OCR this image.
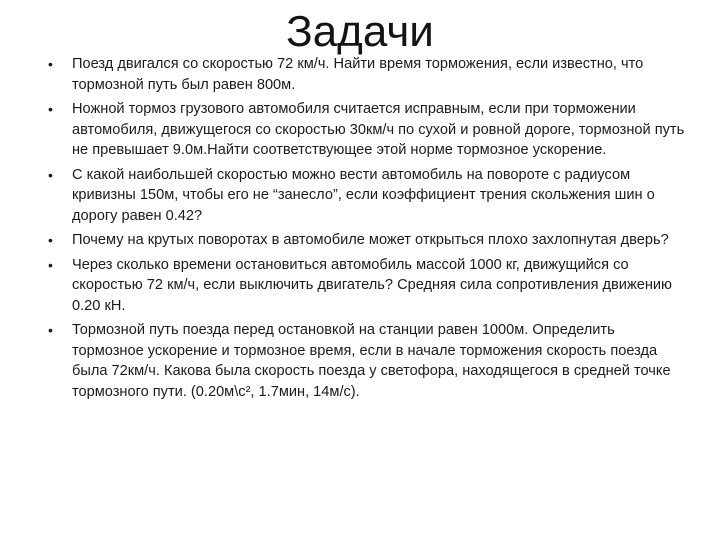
Задачи
•	Поезд двигался со скоростью 72 км/ч. Найти время торможения, если известно, что тормозной путь был равен 800м.
•	Ножной тормоз грузового автомобиля считается исправным, если при торможении автомобиля, движущегося со скоростью 30км/ч по сухой и ровной дороге, тормозной путь не превышает 9.0м.Найти соответствующее этой норме тормозное ускорение.
•	С какой наибольшей скоростью можно вести автомобиль на повороте с радиусом кривизны 150м, чтобы его не “занесло”, если коэффициент трения скольжения шин о дорогу равен 0.42?
•	Почему на крутых поворотах в автомобиле может открыться плохо захлопнутая дверь?
•	Через сколько времени остановиться автомобиль массой 1000 кг, движущийся со скоростью 72 км/ч, если выключить двигатель? Средняя сила сопротивления движению 0.20 кН.
•	Тормозной путь поезда перед остановкой на станции равен 1000м. Определить тормозное ускорение и тормозное время, если в начале торможения скорость поезда была 72км/ч. Какова была скорость поезда у светофора, находящегося в средней точке тормозного пути. (0.20м\с², 1.7мин, 14м/с).
